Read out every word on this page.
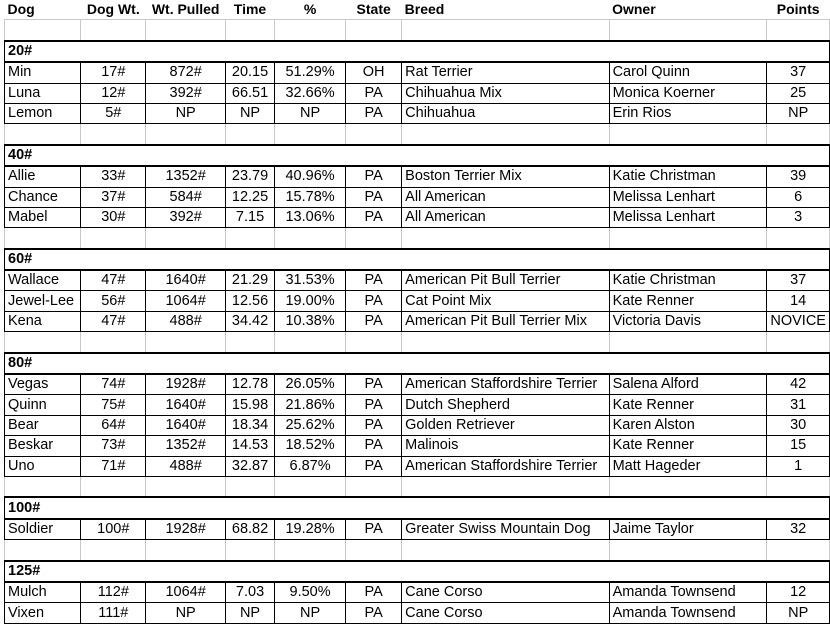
Dog	Dog Wt.	Wt. Pulled	Time	%	State	Breed	Owner	Points

20#								
Min	17#	872#	20.15	51.29%	OH	Rat Terrier	Carol Quinn	37
Luna	12#	392#	66.51	32.66%	PA	Chihuahua Mix	Monica Koerner	25
Lemon	5#	NP	NP	NP	PA	Chihuahua	Erin Rios	NP

40#								
Allie	33#	1352#	23.79	40.96%	PA	Boston Terrier Mix	Katie Christman	39
Chance	37#	584#	12.25	15.78%	PA	All American	Melissa Lenhart	6
Mabel	30#	392#	7.15	13.06%	PA	All American	Melissa Lenhart	3

60#								
Wallace	47#	1640#	21.29	31.53%	PA	American Pit Bull Terrier	Katie Christman	37
Jewel-Lee	56#	1064#	12.56	19.00%	PA	Cat Point Mix	Kate Renner	14
Kena	47#	488#	34.42	10.38%	PA	American Pit Bull Terrier Mix	Victoria Davis	NOVICE

80#								
Vegas	74#	1928#	12.78	26.05%	PA	American Staffordshire Terrier	Salena Alford	42
Quinn	75#	1640#	15.98	21.86%	PA	Dutch Shepherd	Kate Renner	31
Bear	64#	1640#	18.34	25.62%	PA	Golden Retriever	Karen Alston	30
Beskar	73#	1352#	14.53	18.52%	PA	Malinois	Kate Renner	15
Uno	71#	488#	32.87	6.87%	PA	American Staffordshire Terrier	Matt Hageder	1

100#								
Soldier	100#	1928#	68.82	19.28%	PA	Greater Swiss Mountain Dog	Jaime Taylor	32

125#								
Mulch	112#	1064#	7.03	9.50%	PA	Cane Corso	Amanda Townsend	12
Vixen	111#	NP	NP	NP	PA	Cane Corso	Amanda Townsend	NP
